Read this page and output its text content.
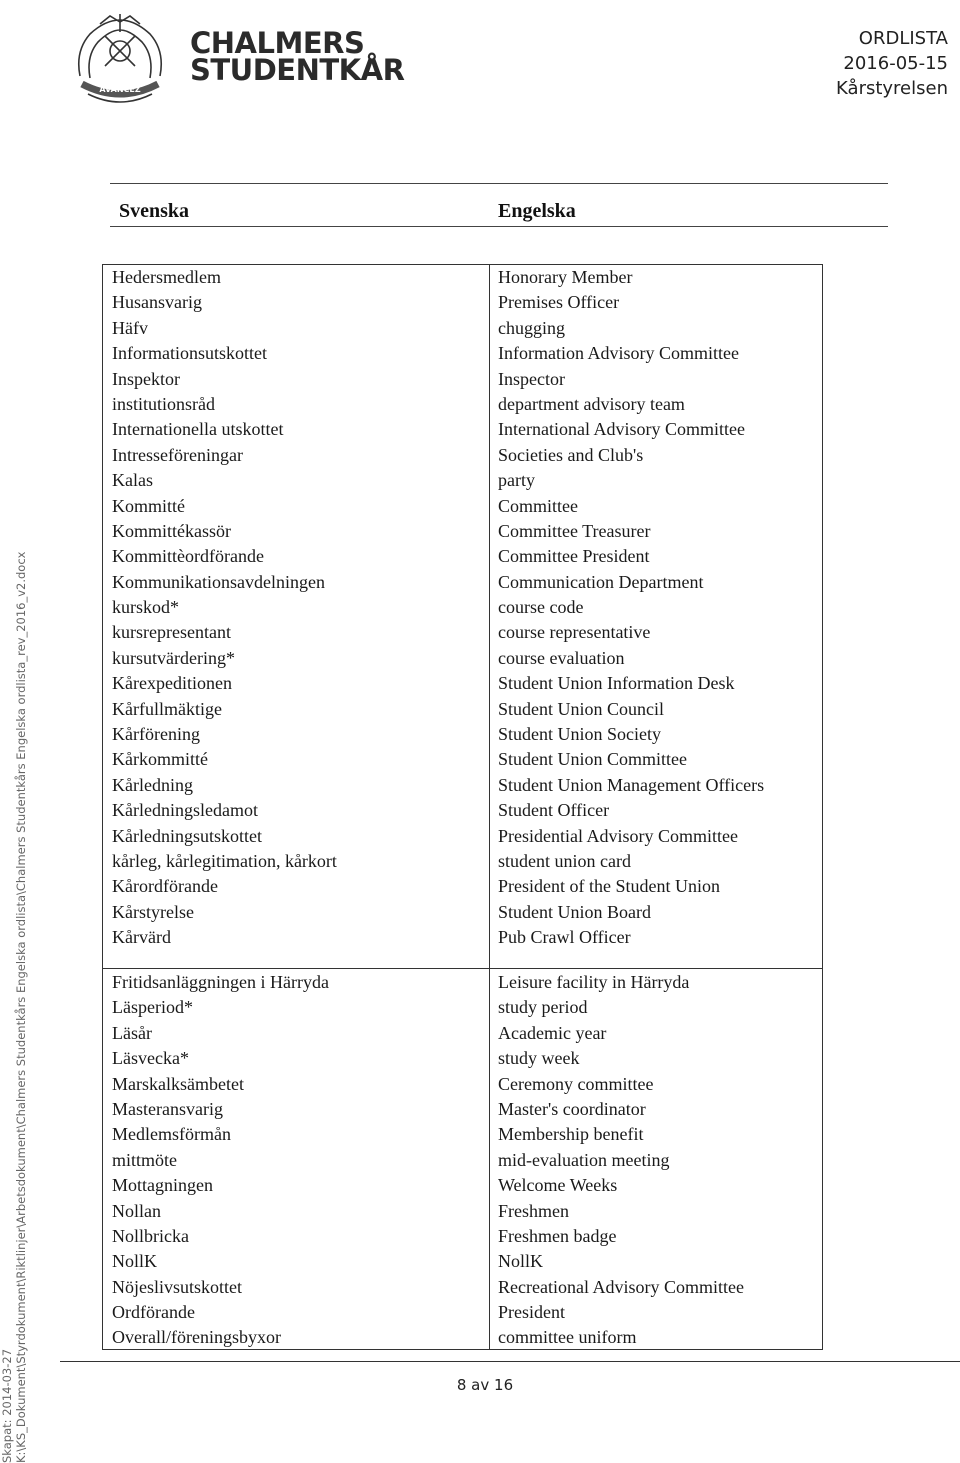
AVANCEZ
CHALMERS
STUDENTKÅR
ORDLISTA
2016-05-15
Kårstyrelsen
Svenska	Engelska
Hedersmedlem
Husansvarig
Häfv
Informationsutskottet
Inspektor
institutionsråd
Internationella utskottet
Intresseföreningar
Kalas
Kommitté
Kommittékassör
Kommittèordförande
Kommunikationsavdelningen
kurskod*
kursrepresentant
kursutvärdering*
Kårexpeditionen
Kårfullmäktige
Kårförening
Kårkommitté
Kårledning
Kårledningsledamot
Kårledningsutskottet
kårleg, kårlegitimation, kårkort
Kårordförande
Kårstyrelse
Kårvärd
Honorary Member
Premises Officer
chugging
Information Advisory Committee
Inspector
department advisory team
International Advisory Committee
Societies and Club's
party
Committee
Committee Treasurer
Committee President
Communication Department
course code
course representative
course evaluation
Student Union Information Desk
Student Union Council
Student Union Society
Student Union Committee
Student Union Management Officers
Student Officer
Presidential Advisory Committee
student union card
President of the Student Union
Student Union Board
Pub Crawl Officer
Fritidsanläggningen i Härryda
Läsperiod*
Läsår
Läsvecka*
Marskalksämbetet
Masteransvarig
Medlemsförmån
mittmöte
Mottagningen
Nollan
Nollbricka
NollK
Nöjeslivsutskottet
Ordförande
Overall/föreningsbyxor
Leisure facility in Härryda
study period
Academic year
study week
Ceremony committee
Master's coordinator
Membership benefit
mid-evaluation meeting
Welcome Weeks
Freshmen
Freshmen badge
NollK
Recreational Advisory Committee
President
committee uniform
8 av 16
Skapat: 2014-03-27 K:\KS_Dokument\Styrdokument\Riktlinjer\Arbetsdokument\Chalmers Studentkårs Engelska ordlista\Chalmers Studentkårs Engelska ordlista_rev_2016_v2.docx
